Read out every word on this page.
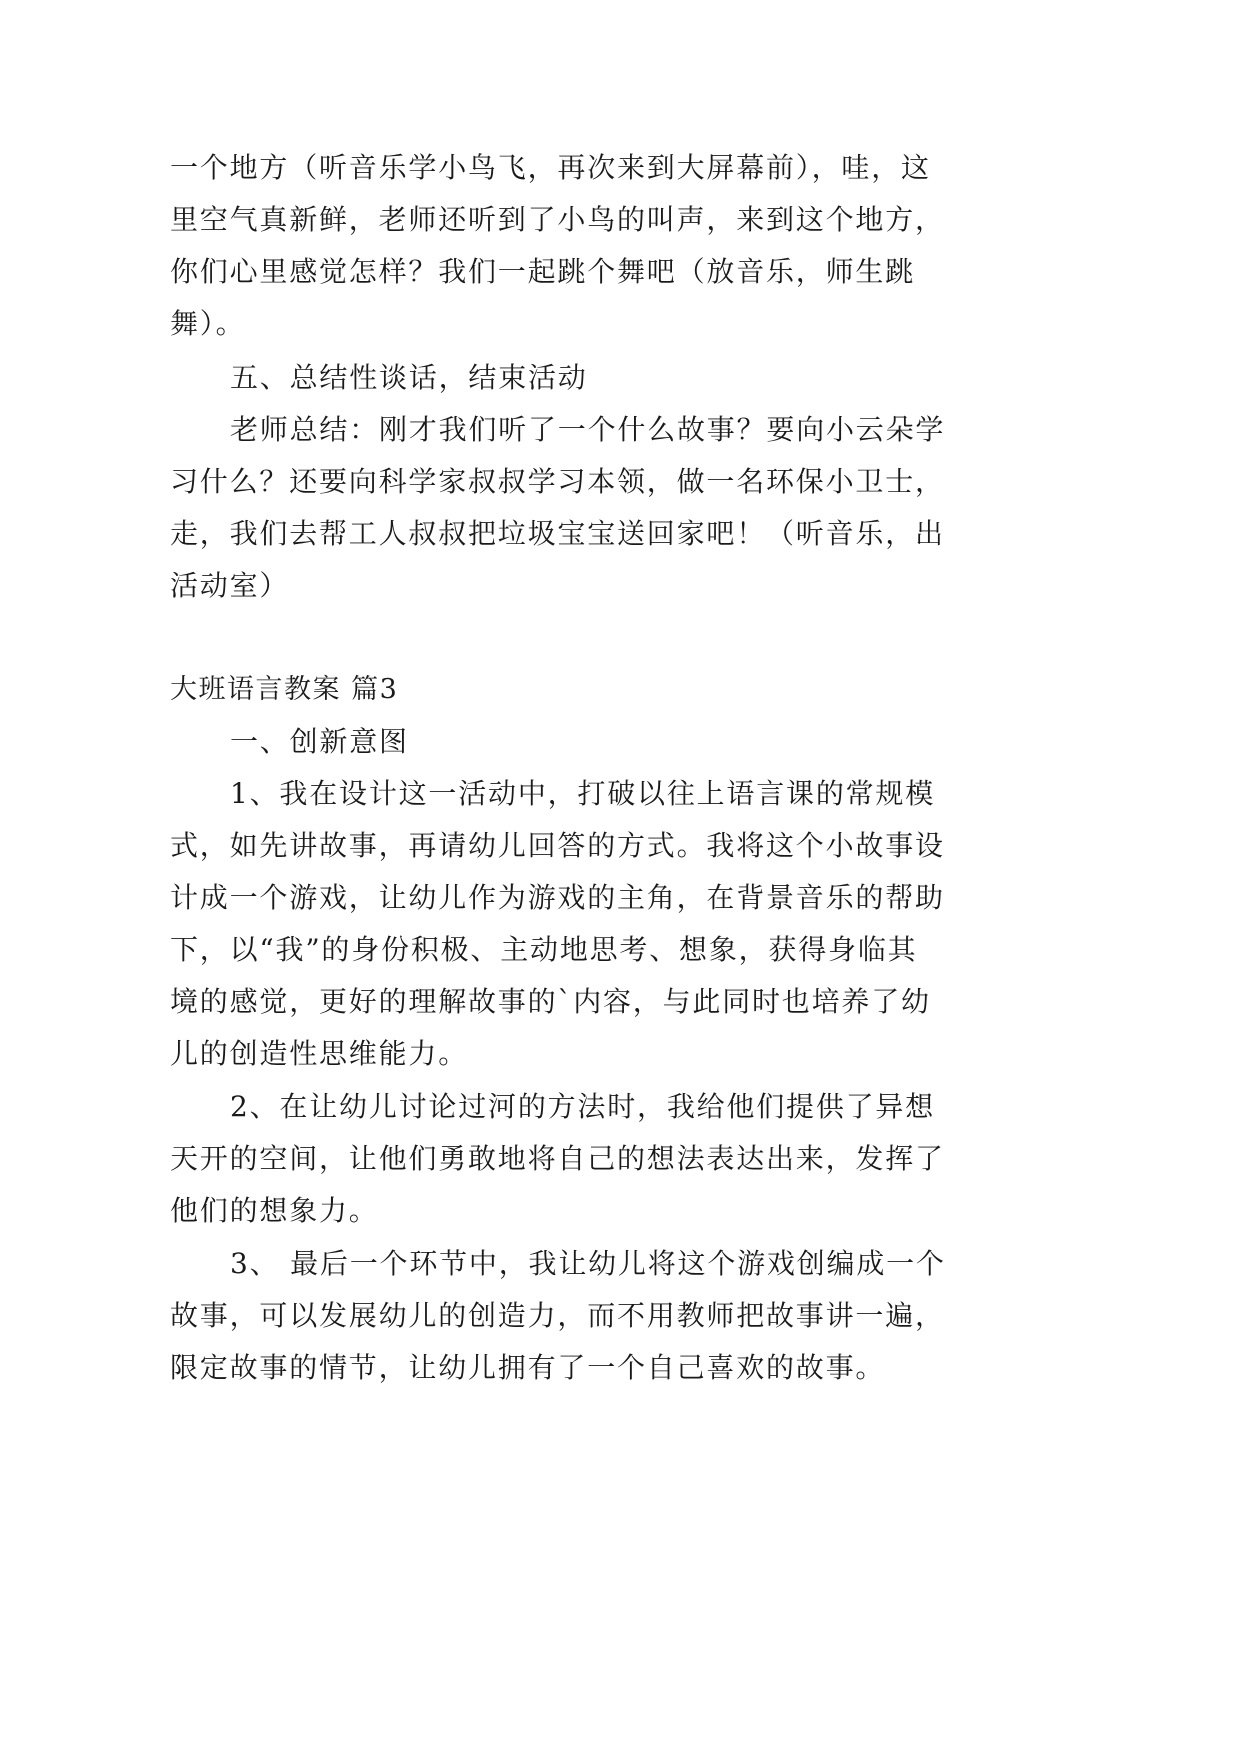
一个地方（听音乐学小鸟飞，再次来到大屏幕前），哇，这
里空气真新鲜，老师还听到了小鸟的叫声，来到这个地方，
你们心里感觉怎样？我们一起跳个舞吧（放音乐，师生跳
舞）。
五、总结性谈话，结束活动
老师总结：刚才我们听了一个什么故事？要向小云朵学
习什么？还要向科学家叔叔学习本领，做一名环保小卫士，
走，我们去帮工人叔叔把垃圾宝宝送回家吧！（听音乐，出
活动室）
大班语言教案 篇3
一、创新意图
1、我在设计这一活动中，打破以往上语言课的常规模
式，如先讲故事，再请幼儿回答的方式。我将这个小故事设
计成一个游戏，让幼儿作为游戏的主角，在背景音乐的帮助
下，以“我”的身份积极、主动地思考、想象，获得身临其
境的感觉，更好的理解故事的`内容，与此同时也培养了幼
儿的创造性思维能力。
2、在让幼儿讨论过河的方法时，我给他们提供了异想
天开的空间，让他们勇敢地将自己的想法表达出来，发挥了
他们的想象力。
3、 最后一个环节中，我让幼儿将这个游戏创编成一个
故事，可以发展幼儿的创造力，而不用教师把故事讲一遍，
限定故事的情节，让幼儿拥有了一个自己喜欢的故事。
